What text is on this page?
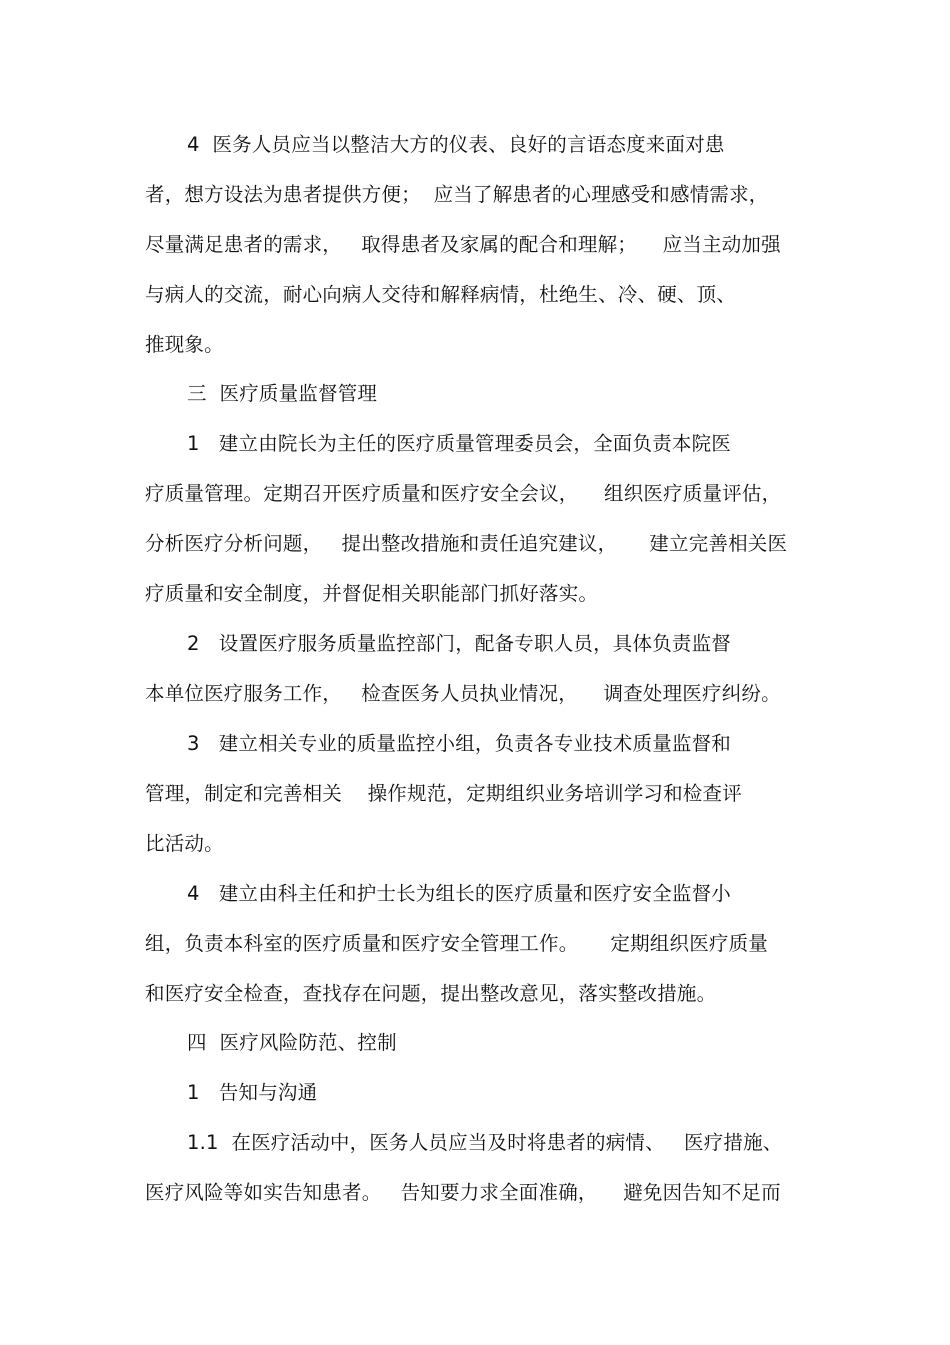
4  医务人员应当以整洁大方的仪表、良好的言语态度来面对患
者，想方设法为患者提供方便；  应当了解患者的心理感受和感情需求，
尽量满足患者的需求，   取得患者及家属的配合和理解；    应当主动加强
与病人的交流，耐心向病人交待和解释病情，杜绝生、冷、硬、顶、
推现象。
三  医疗质量监督管理
1   建立由院长为主任的医疗质量管理委员会，全面负责本院医
疗质量管理。定期召开医疗质量和医疗安全会议，    组织医疗质量评估，
分析医疗分析问题，   提出整改措施和责任追究建议，     建立完善相关医
疗质量和安全制度，并督促相关职能部门抓好落实。
2   设置医疗服务质量监控部门，配备专职人员，具体负责监督
本单位医疗服务工作，   检查医务人员执业情况，    调查处理医疗纠纷。
3   建立相关专业的质量监控小组，负责各专业技术质量监督和
管理，制定和完善相关    操作规范，定期组织业务培训学习和检查评
比活动。
4   建立由科主任和护士长为组长的医疗质量和医疗安全监督小
组，负责本科室的医疗质量和医疗安全管理工作。     定期组织医疗质量
和医疗安全检查，查找存在问题，提出整改意见，落实整改措施。
四  医疗风险防范、控制
1   告知与沟通
1.1  在医疗活动中，医务人员应当及时将患者的病情、   医疗措施、
医疗风险等如实告知患者。   告知要力求全面准确，    避免因告知不足而
